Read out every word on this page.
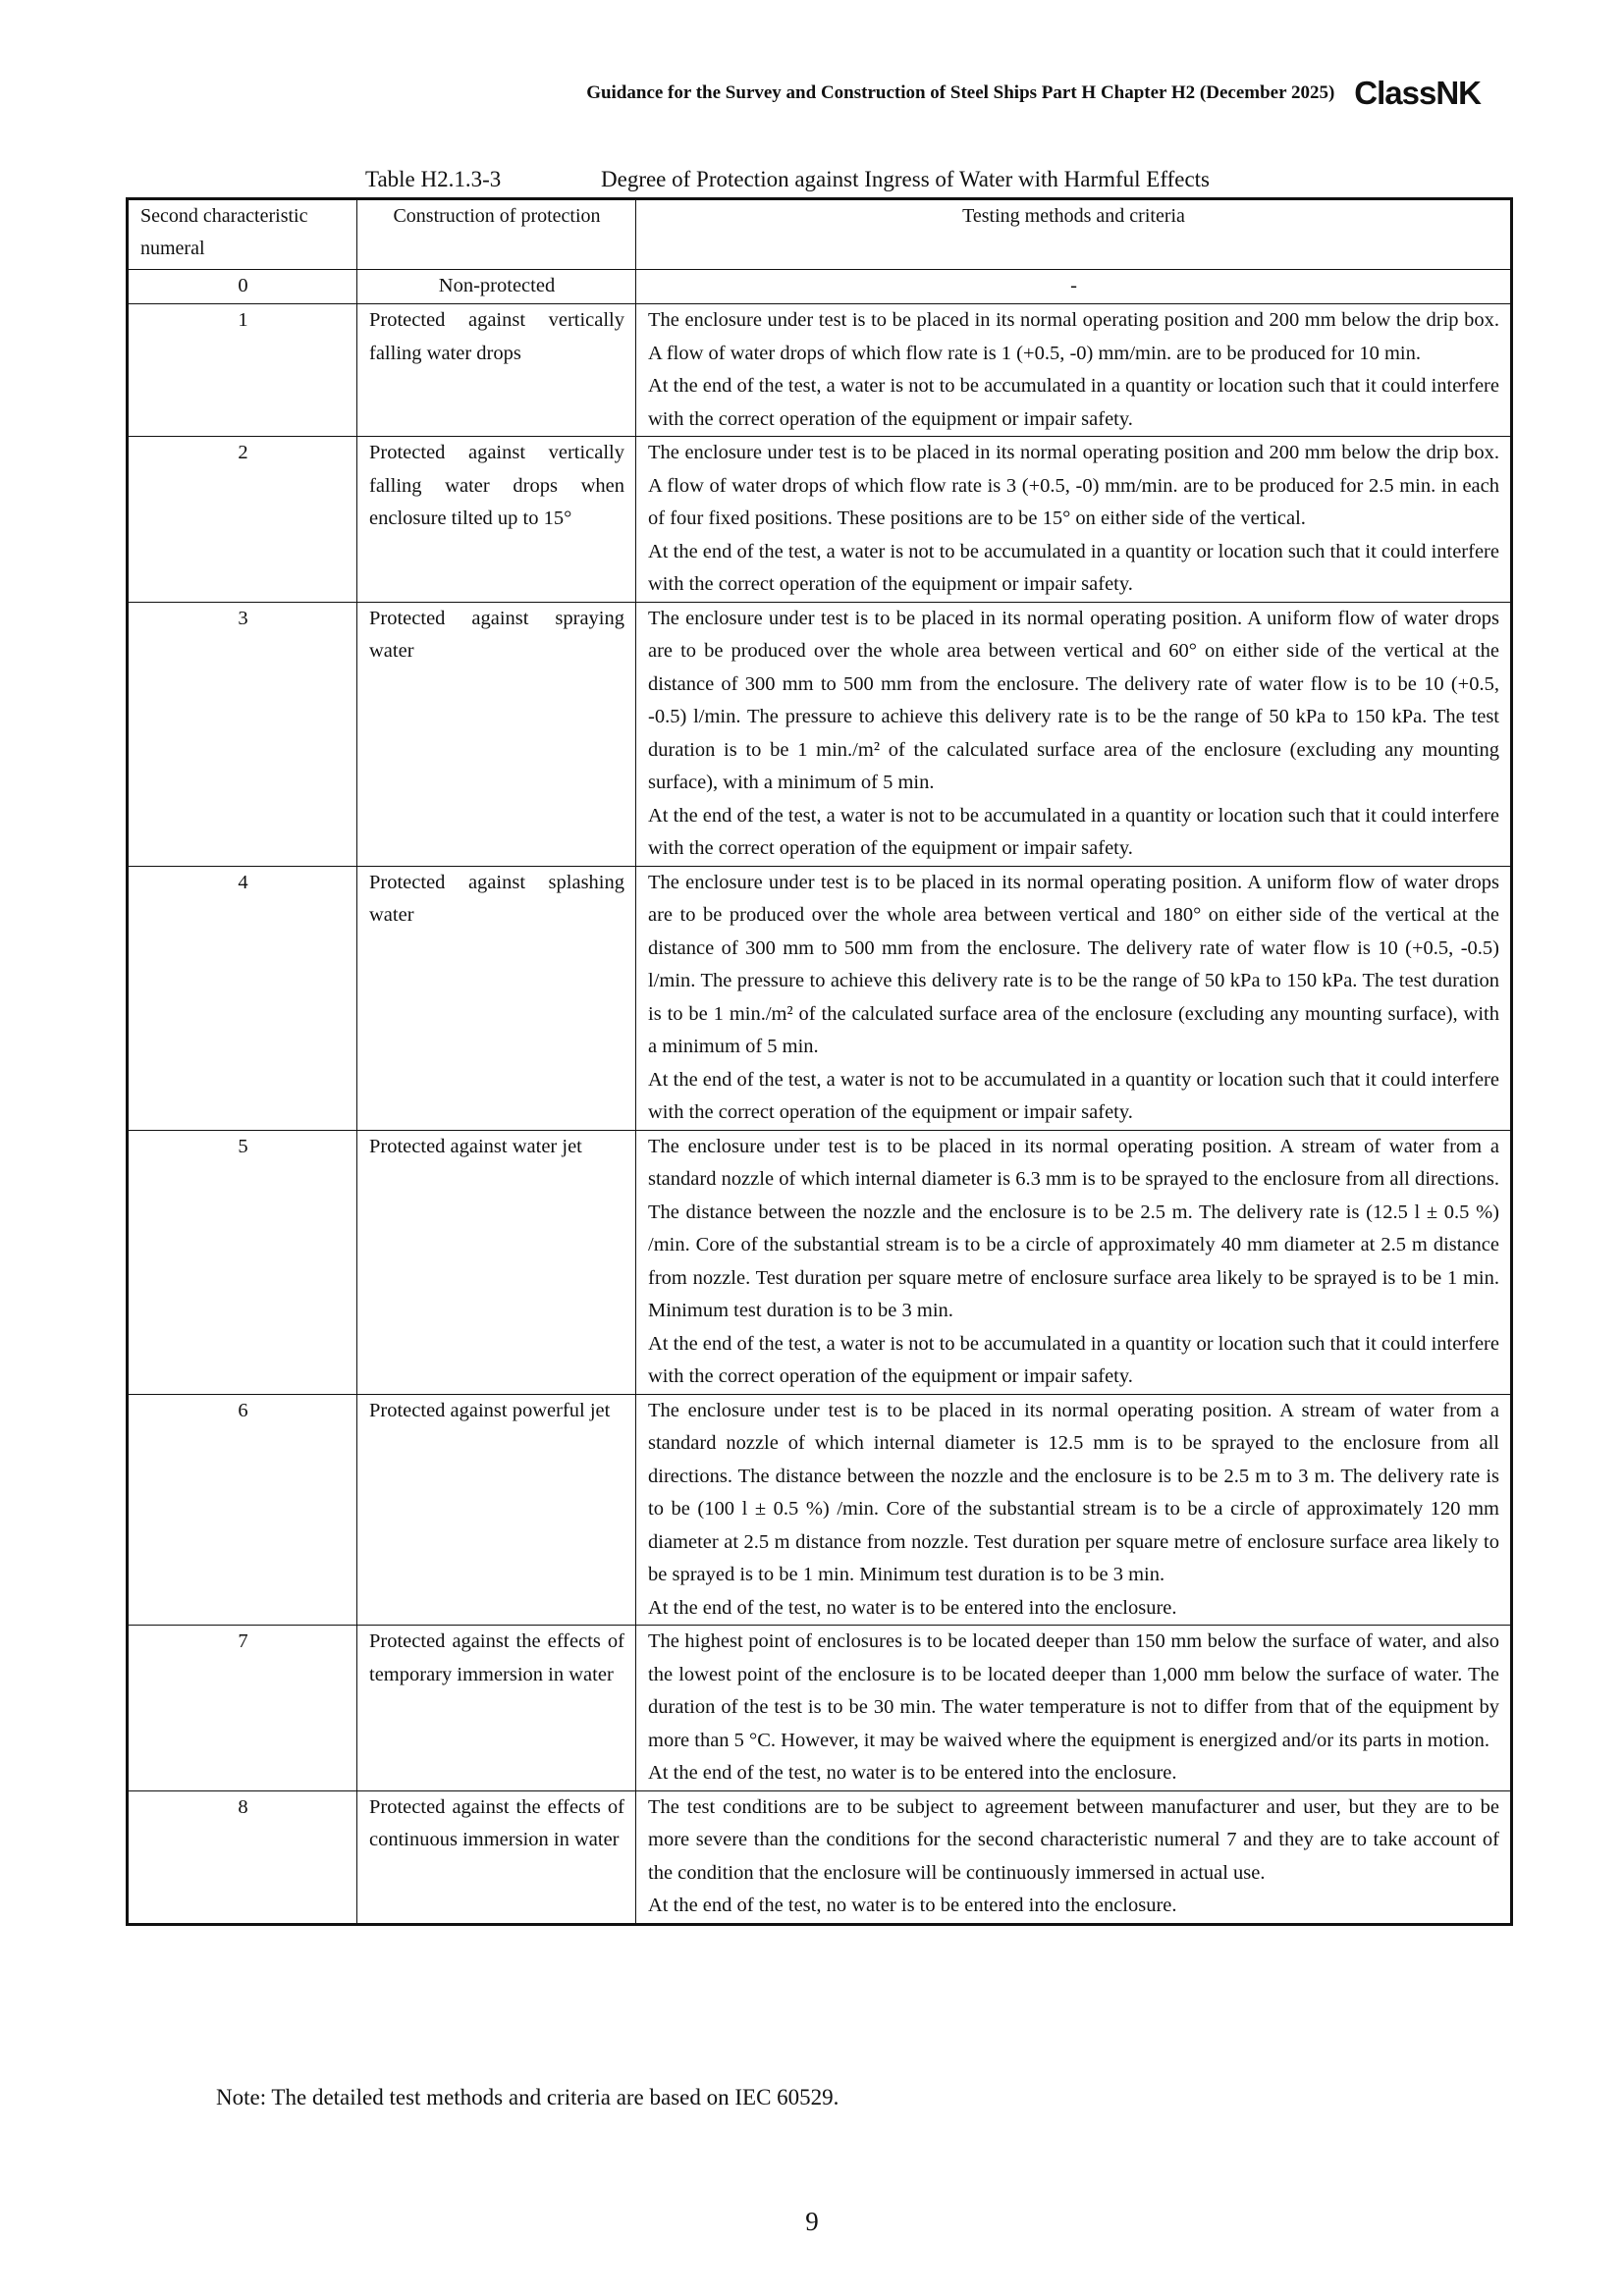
Guidance for the Survey and Construction of Steel Ships Part H Chapter H2 (December 2025) ClassNK
Table H2.1.3-3	Degree of Protection against Ingress of Water with Harmful Effects
Second characteristic numeral	Construction of protection	Testing methods and criteria
0	Non-protected	-
1	Protected against vertically falling water drops	The enclosure under test is to be placed in its normal operating position and 200 mm below the drip box. A flow of water drops of which flow rate is 1 (+0.5, -0) mm/min. are to be produced for 10 min.
At the end of the test, a water is not to be accumulated in a quantity or location such that it could interfere with the correct operation of the equipment or impair safety.

2	Protected against vertically falling water drops when enclosure tilted up to 15°	The enclosure under test is to be placed in its normal operating position and 200 mm below the drip box. A flow of water drops of which flow rate is 3 (+0.5, -0) mm/min. are to be produced for 2.5 min. in each of four fixed positions. These positions are to be 15° on either side of the vertical.
At the end of the test, a water is not to be accumulated in a quantity or location such that it could interfere with the correct operation of the equipment or impair safety.

3	Protected against spraying water	The enclosure under test is to be placed in its normal operating position. A uniform flow of water drops are to be produced over the whole area between vertical and 60° on either side of the vertical at the distance of 300 mm to 500 mm from the enclosure. The delivery rate of water flow is to be 10 (+0.5, -0.5) l/min. The pressure to achieve this delivery rate is to be the range of 50 kPa to 150 kPa. The test duration is to be 1 min./m² of the calculated surface area of the enclosure (excluding any mounting surface), with a minimum of 5 min.
At the end of the test, a water is not to be accumulated in a quantity or location such that it could interfere with the correct operation of the equipment or impair safety.

4	Protected against splashing water	The enclosure under test is to be placed in its normal operating position. A uniform flow of water drops are to be produced over the whole area between vertical and 180° on either side of the vertical at the distance of 300 mm to 500 mm from the enclosure. The delivery rate of water flow is 10 (+0.5, -0.5) l/min. The pressure to achieve this delivery rate is to be the range of 50 kPa to 150 kPa. The test duration is to be 1 min./m² of the calculated surface area of the enclosure (excluding any mounting surface), with a minimum of 5 min.
At the end of the test, a water is not to be accumulated in a quantity or location such that it could interfere with the correct operation of the equipment or impair safety.

5	Protected against water jet	The enclosure under test is to be placed in its normal operating position. A stream of water from a standard nozzle of which internal diameter is 6.3 mm is to be sprayed to the enclosure from all directions. The distance between the nozzle and the enclosure is to be 2.5 m. The delivery rate is (12.5 l ± 0.5 %) /min. Core of the substantial stream is to be a circle of approximately 40 mm diameter at 2.5 m distance from nozzle. Test duration per square metre of enclosure surface area likely to be sprayed is to be 1 min. Minimum test duration is to be 3 min.
At the end of the test, a water is not to be accumulated in a quantity or location such that it could interfere with the correct operation of the equipment or impair safety.

6	Protected against powerful jet	The enclosure under test is to be placed in its normal operating position. A stream of water from a standard nozzle of which internal diameter is 12.5 mm is to be sprayed to the enclosure from all directions. The distance between the nozzle and the enclosure is to be 2.5 m to 3 m. The delivery rate is to be (100 l ± 0.5 %) /min. Core of the substantial stream is to be a circle of approximately 120 mm diameter at 2.5 m distance from nozzle. Test duration per square metre of enclosure surface area likely to be sprayed is to be 1 min. Minimum test duration is to be 3 min.
At the end of the test, no water is to be entered into the enclosure.

7	Protected against the effects of temporary immersion in water	The highest point of enclosures is to be located deeper than 150 mm below the surface of water, and also the lowest point of the enclosure is to be located deeper than 1,000 mm below the surface of water. The duration of the test is to be 30 min. The water temperature is not to differ from that of the equipment by more than 5 °C. However, it may be waived where the equipment is energized and/or its parts in motion.
At the end of the test, no water is to be entered into the enclosure.

8	Protected against the effects of continuous immersion in water	The test conditions are to be subject to agreement between manufacturer and user, but they are to be more severe than the conditions for the second characteristic numeral 7 and they are to take account of the condition that the enclosure will be continuously immersed in actual use.
At the end of the test, no water is to be entered into the enclosure.
Note: The detailed test methods and criteria are based on IEC 60529.
9
